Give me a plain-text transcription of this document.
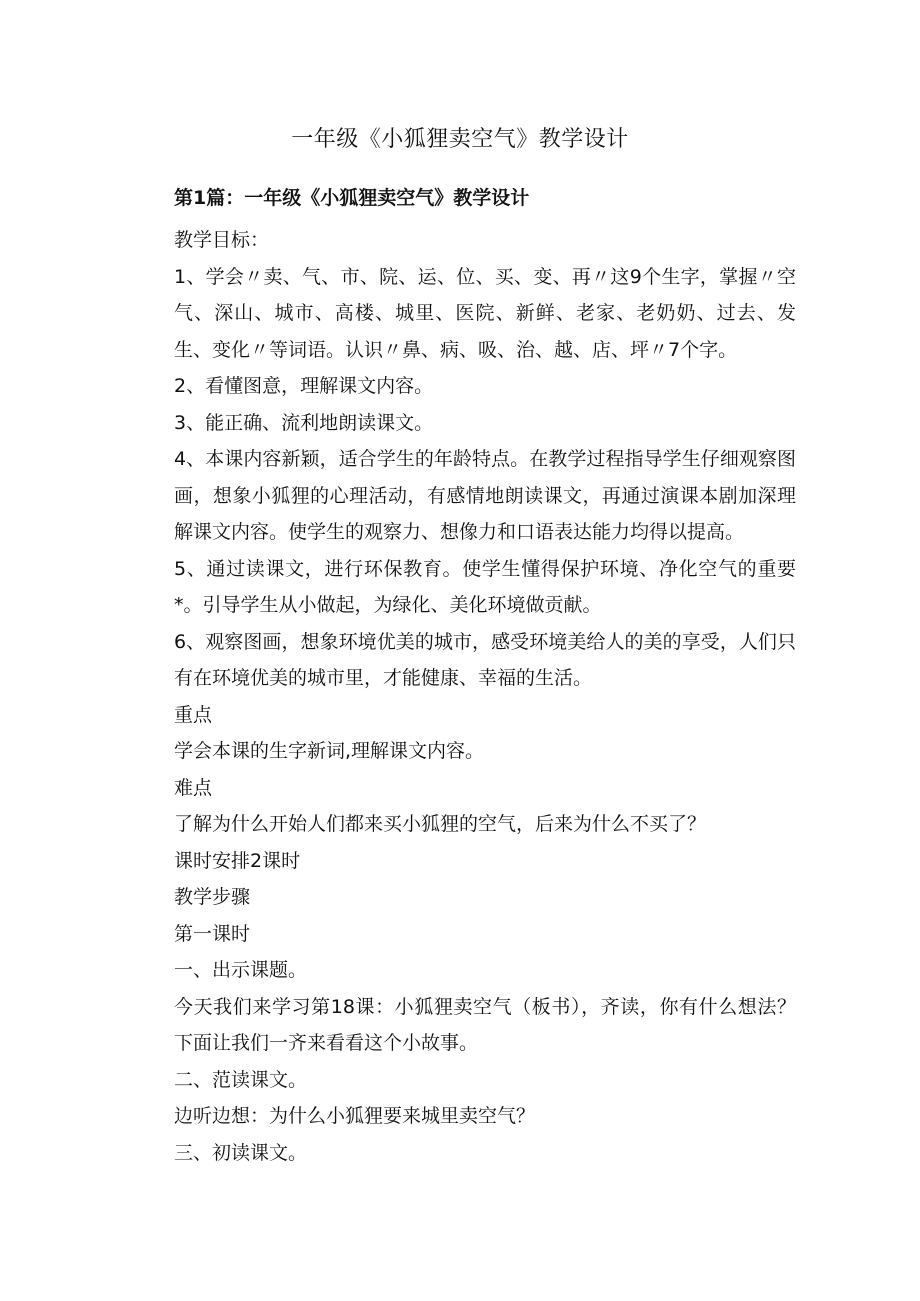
一年级《小狐狸卖空气》教学设计
第1篇：一年级《小狐狸卖空气》教学设计

教学目标：

1、学会〃卖、气、市、院、运、位、买、变、再〃这9个生字，掌握〃空气、深山、城市、高楼、城里、医院、新鲜、老家、老奶奶、过去、发生、变化〃等词语。认识〃鼻、病、吸、治、越、店、坪〃7个字。

2、看懂图意，理解课文内容。

3、能正确、流利地朗读课文。

4、本课内容新颖，适合学生的年龄特点。在教学过程指导学生仔细观察图画，想象小狐狸的心理活动，有感情地朗读课文，再通过演课本剧加深理解课文内容。使学生的观察力、想像力和口语表达能力均得以提高。

5、通过读课文，进行环保教育。使学生懂得保护环境、净化空气的重要*。引导学生从小做起，为绿化、美化环境做贡献。

6、观察图画，想象环境优美的城市，感受环境美给人的美的享受，人们只有在环境优美的城市里，才能健康、幸福的生活。

重点

学会本课的生字新词,理解课文内容。

难点

了解为什么开始人们都来买小狐狸的空气，后来为什么不买了？

课时安排2课时

教学步骤

第一课时

一、出示课题。

今天我们来学习第18课：小狐狸卖空气（板书），齐读，你有什么想法？下面让我们一齐来看看这个小故事。

二、范读课文。

边听边想：为什么小狐狸要来城里卖空气？

三、初读课文。
